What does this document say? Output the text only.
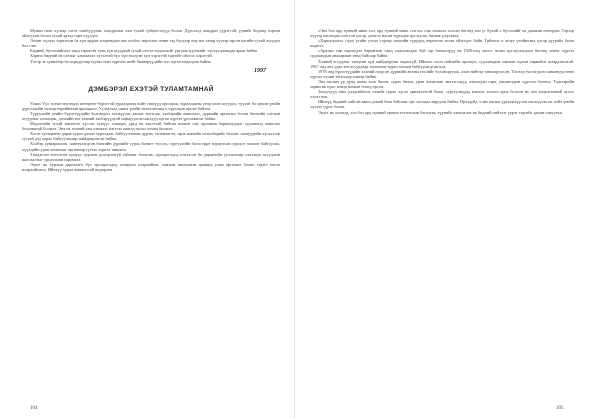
Мунии нээн хүлээр сагта хэшбүүдээж, амьдралыг хэм тухай гүйцэтгэлүүд болов. Дурсгалд амьдрах үүрэгтэй, үүнийг бидэнд хэрхэн ойлгуулж болох тухай эрэлд гарч сүүлдээ.

Эгшиг хүлээх зорилгын ба хүн ардын хоорондын энэ холбоо төрөхөөс өмнө тэд бүгдээр өөр нэг газар хүчээр ирсэн цэгийн тухай асуудал бол гэж.

Бидний, бүтээлийнхээ замд гаргасан хувь хүн шуурхай тухай сэтгэл хөдлөлийг үргэлжлүүлэхийг хүсээд цаашдаа ярьж байна.

Хэрвээ бидний өв соёлыг хамгаалах хүсэлтэй бүх хүн нэгдсэн хүч хэрэгтэй гэдгийг ойлгох хэрэгтэй.

Үлгэр эх хувилбар ба хорьдугаар зууны эхэн хүртэлх нийт бичвэрүүдийн тоо өдгөө мэдэгдэж байна.

1997
ДЭМБЭРЭЛ ЕХЭТЭЙ ТУЛАМТАМНАЙ

Улаан Үүл хотын нэгэндээ интернэт-бүрэгтэй хуралдаанд нийт гишүүд оролцож, хуралдааны үеэр олон асуудал, түүхэн ба орчин үеийн дүрслэлийн талаар нарийвчлан ярилцжээ. Уулзалтад шинэ үеийн төлөөлөгчид ч хүрэлцэн ирсэн байлаа.

Түрүүчийн үеийн бүрэгтүүдийн боловсрол хөгжүүлэх ажлыг нэгтгэж, хэлбэрийн ашиглалт, дүрмийн аргачлал болон бичгийн соёлын асуудлыг хэлэлцэж, дэлхийн нэг хэлний хэлбэрүүдтэй харьцуулсан ажлууд өдгөө хүртэл үргэлжилж байна.

Мэдлэгийн тухай зөвлөгөө хүссэн хүмүүс олширч, урьд нь хаалттай байсан номын сан, архивын баримтуудыг судлаачид ашиглах боломжтой болжээ. Энэ нь хэлний хэм хэмжээг нэгтгэх ажилд чухал алхам болжээ.

Хэсэг хугацааны дараа хурал дахин хуралдаж, байгууллагын дүрэм, төлөвлөгөө, ирэх жилийн хөтөлбөрийг батлан, гишүүдийн хүсэлтээр тусгай дэд хороо байгуулахаар шийдвэрлэсэн байна.

Хэлбэр хуваарилсан, шинэчлэгдсэн бичгийн дүрмийг сурах бичигт тусгах, сургуулийн багш нарт зориулсан сургалт зохион байгуулах, хүүхдийн уран зохиолыг өргөнөөр түгээх зорилт тавьжээ.

Тэмдэглэл хөтөлсөн хүмүүс хурлын дэлгэрэнгүй тайланг бэлтгэж, оролцогчдод илгээсэн ба дараагийн уулзалтаар хэлэлцэх асуудлын жагсаалтыг урьдчилан гаргажээ.

Эцэст нь хурлын даргалагч бүх оролцогчдод талархал илэрхийлж, хамтын ажиллагаа цаашид улам өргөжих болно гэдэгт итгэл илэрхийлжээ. Ийнхүү хурал амжилттай өндөрлөв.

«Энэ бол ард түмний минь хэл, ард түмний минь сэтгэл» гэж зохиолч хэлсэн бөгөөд энэ үг бүхий л бүтээлийг нь дамжин өнгөрдөг. Тэрээр хүүхэд насандаа сонссон үлгэр, домгоо насан туршдаа цуглуулж, бичиж үлдээжээ.

«Хариуцлага» гэдэг үгийн утгыг тэрээр хамгийн түрүүнд өөрөөсөө эхлэн ойлгодог байв. Тиймээс ч залуу үеийнхэнд үлгэр дуурайл болж чаджээ.

«Архив» гэж нэрлэгдэх баримтын санд хадгалагдаж буй гар бичмэлүүд нь 1920-иод оноос эхлэн цуглуулагдсан бөгөөд өнөөг хүртэл судлаачдын анхаарлын төвд байсаар байна.

Хэлний асуудлыг ганцхан хүн шийдвэрлэж чадахгүй. Иймээс олон нийтийн оролцоо, судлаачдын хамтын хүчин чармайлт шаардлагатай. 1967 онд анх удаа энэ асуудлаар томоохон хурал зохион байгуулагдсан юм.

1978 онд бүрэгтүүдийн хэлний нэгдсэн дүрмийн анхны төслийг боловсруулж, олон нийтэд танилцуулсан. Төсөлд тусгагдсан санаанууд өнөө хүртэл хүчин төгөлдөр хэвээр байна.

Энэ ажлын үр дүнд шинэ толь бичиг, сурах бичиг, уран зохиолын эмхэтгэлүүд хэвлэгдэн гарч, уншигчдын хүртээл болжээ. Тэдгээрийн зарим нь одоо ховор номын тоонд орсон.

Залуучууд өвөг дээдсийнхээ хэлийг сурах хүсэл эрмэлзэлтэй болж, сургуулиудад нэмэлт хичээл орох болсон нь энэ хөдөлгөөний чухал ололт юм.

Ийнхүү бидний хийсэн ажил дэмий биш байсныг цаг хугацаа харуулж байна. Ирээдүйд ч энэ ажлыг үргэлжлүүлэн хөгжүүлэх нь хойч үеийн хүлээх үүрэг билээ.

Эцэст нь хэлэхэд, хэл бол ард түмний оршин тогтнолын баталгаа, түүнийг хамгаалах нь бидний нийтлэг үүрэг гэдгийг дахин сануулъя.

104	105
